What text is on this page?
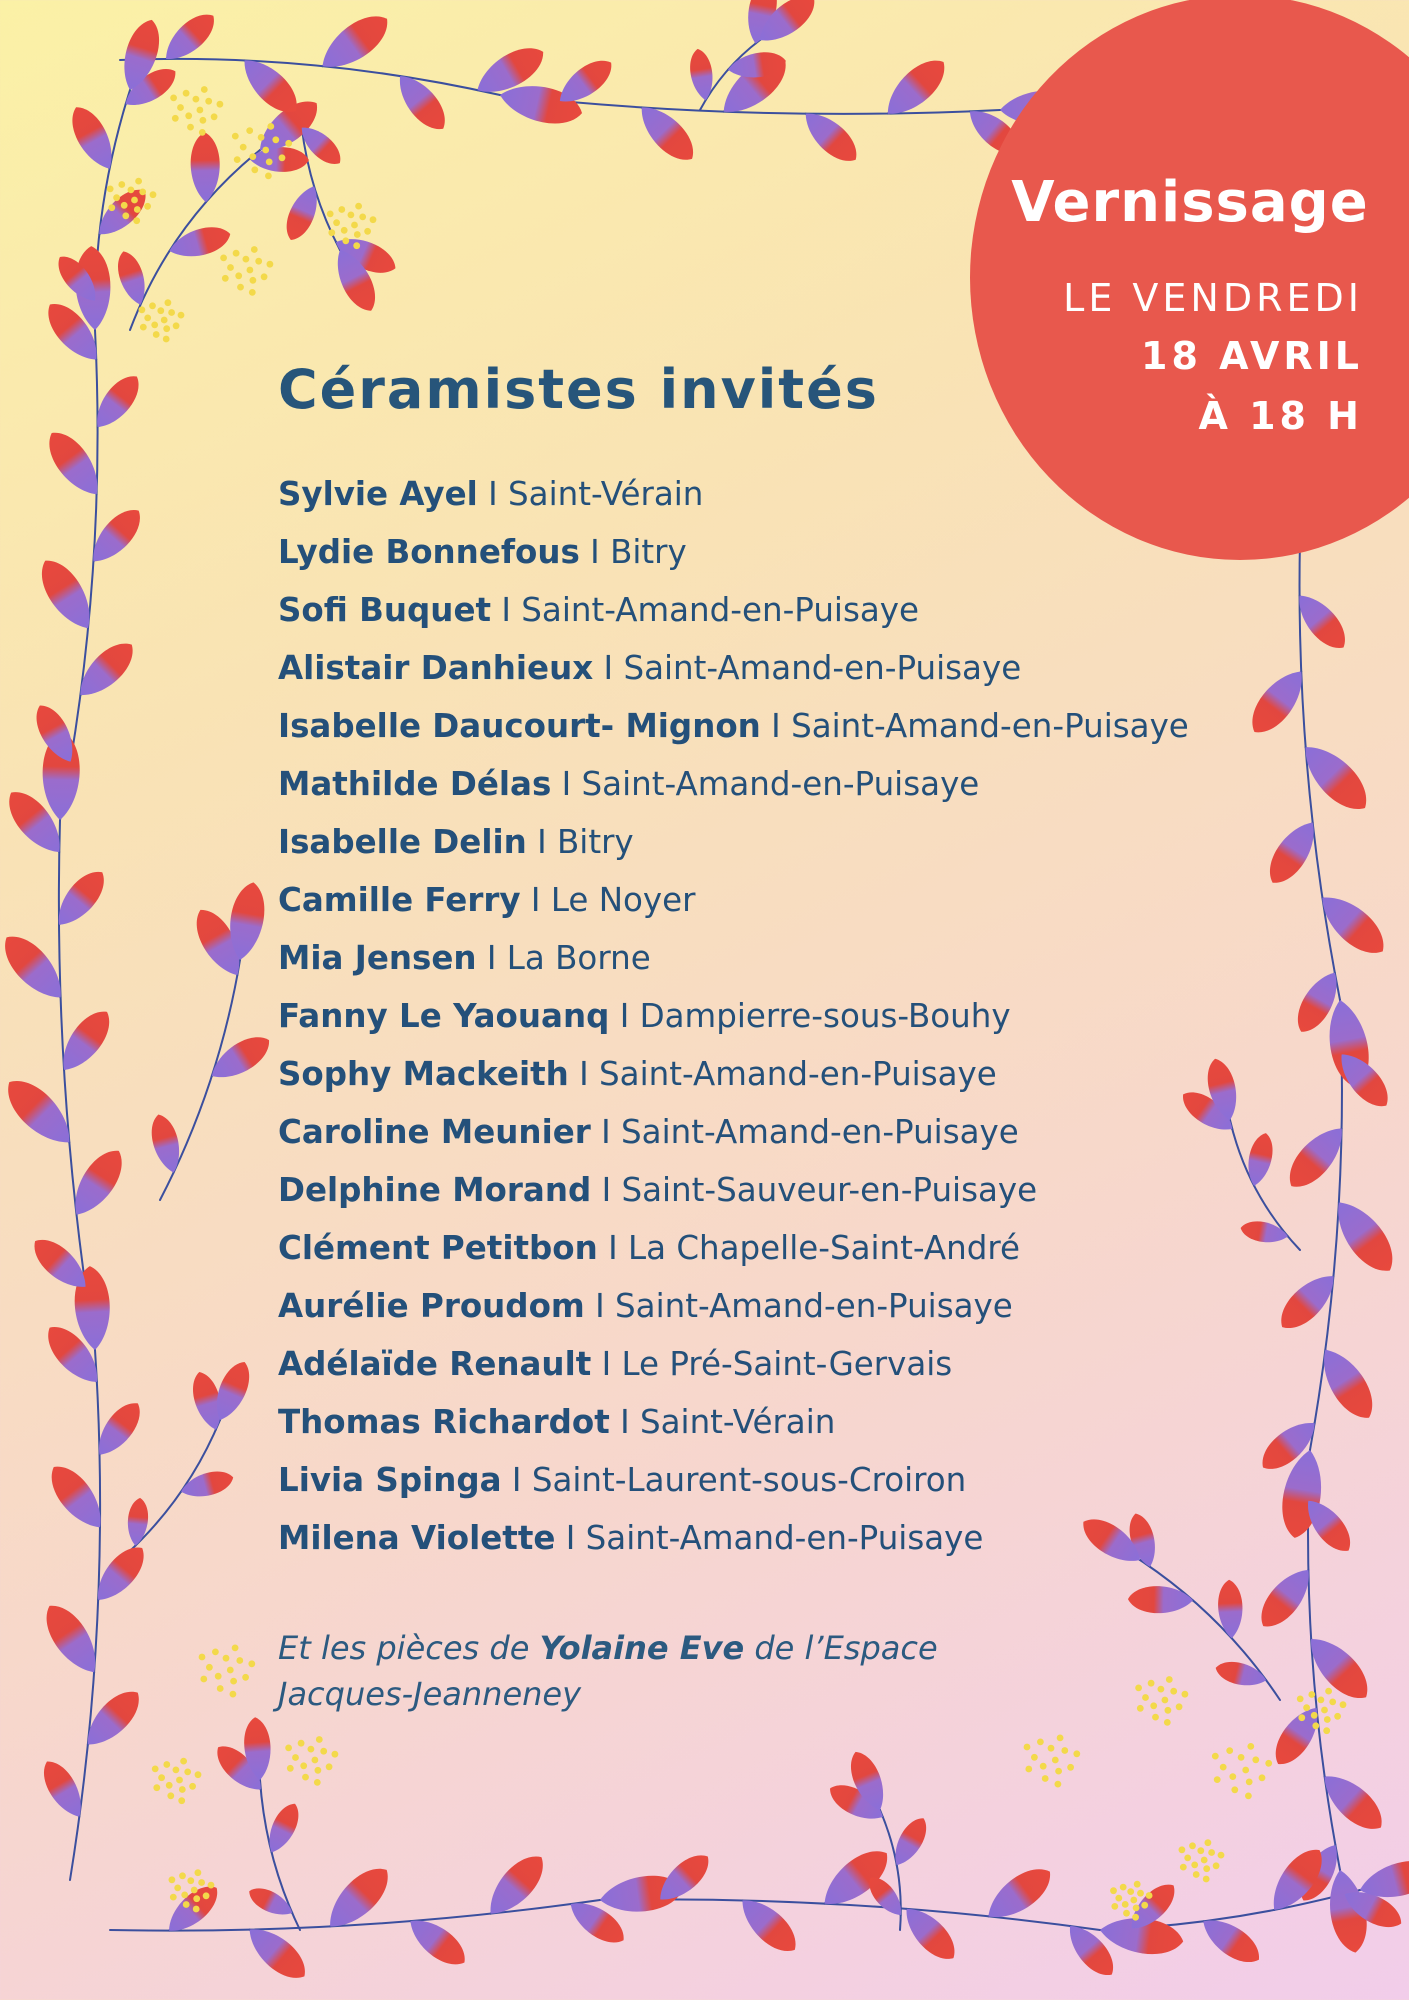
Vernissage
LE VENDREDI
18 AVRIL
À 18 H
Céramistes invités
Sylvie Ayel I Saint-Vérain
Lydie Bonnefous I Bitry
Sofi Buquet I Saint-Amand-en-Puisaye
Alistair Danhieux I Saint-Amand-en-Puisaye
Isabelle Daucourt- Mignon I Saint-Amand-en-Puisaye
Mathilde Délas I Saint-Amand-en-Puisaye
Isabelle Delin I Bitry
Camille Ferry I Le Noyer
Mia Jensen I La Borne
Fanny Le Yaouanq I Dampierre-sous-Bouhy
Sophy Mackeith I Saint-Amand-en-Puisaye
Caroline Meunier I Saint-Amand-en-Puisaye
Delphine Morand I Saint-Sauveur-en-Puisaye
Clément Petitbon I La Chapelle-Saint-André
Aurélie Proudom I Saint-Amand-en-Puisaye
Adélaïde Renault I Le Pré-Saint-Gervais
Thomas Richardot I Saint-Vérain
Livia Spinga I Saint-Laurent-sous-Croiron
Milena Violette I Saint-Amand-en-Puisaye

Et les pièces de Yolaine Eve de l’Espace
Jacques-Jeanneney
